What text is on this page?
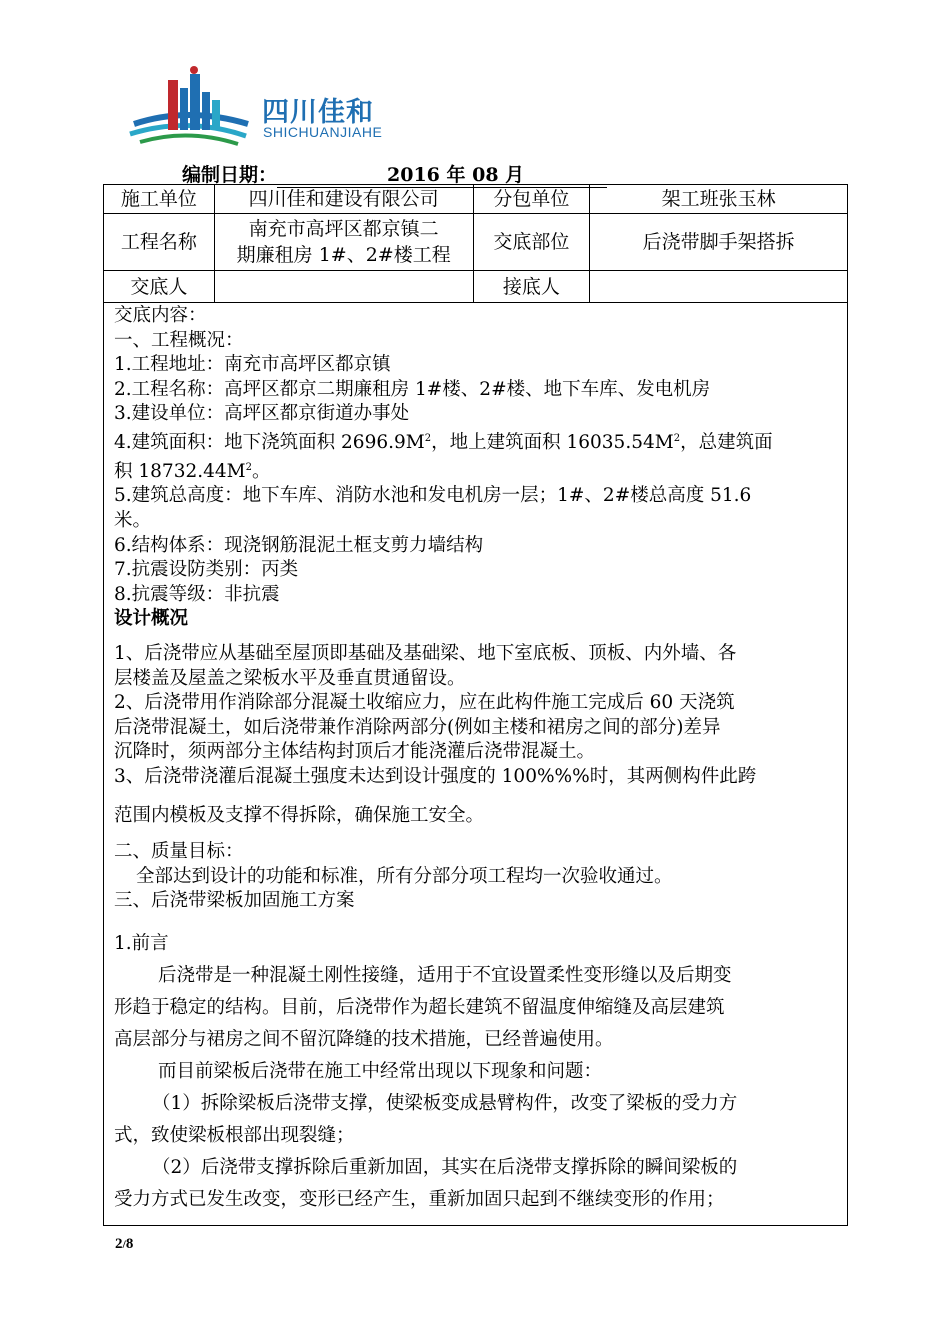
四川佳和
SHICHUANJIAHE
编制日期：	2016 年 08 月
施工单位	四川佳和建设有限公司	分包单位	架工班张玉林
工程名称	南充市高坪区都京镇二
期廉租房 1#、2#楼工程	交底部位	后浇带脚手架搭拆
交底人		接底人	

交底内容：

一、工程概况：

1.工程地址：南充市高坪区都京镇

2.工程名称：高坪区都京二期廉租房 1#楼、2#楼、地下车库、发电机房

3.建设单位：高坪区都京街道办事处

4.建筑面积：地下浇筑面积 $2696.9M^2$，地上建筑面积 $16035.54M^2$，总建筑面

积 $18732.44M^2$。

5.建筑总高度：地下车库、消防水池和发电机房一层；1#、2#楼总高度 51.6

米。

6.结构体系：现浇钢筋混泥土框支剪力墙结构

7.抗震设防类别：丙类

8.抗震等级：非抗震

设计概况

1、后浇带应从基础至屋顶即基础及基础梁、地下室底板、顶板、内外墙、各

层楼盖及屋盖之梁板水平及垂直贯通留设。

2、后浇带用作消除部分混凝土收缩应力，应在此构件施工完成后 60 天浇筑

后浇带混凝土，如后浇带兼作消除两部分(例如主楼和裙房之间的部分)差异

沉降时，须两部分主体结构封顶后才能浇灌后浇带混凝土。

3、后浇带浇灌后混凝土强度未达到设计强度的 100%%%时，其两侧构件此跨

范围内模板及支撑不得拆除，确保施工安全。

二、质量目标：

全部达到设计的功能和标准，所有分部分项工程均一次验收通过。

三、后浇带梁板加固施工方案

1.前言

后浇带是一种混凝土刚性接缝，适用于不宜设置柔性变形缝以及后期变

形趋于稳定的结构。目前，后浇带作为超长建筑不留温度伸缩缝及高层建筑

高层部分与裙房之间不留沉降缝的技术措施，已经普遍使用。

而目前梁板后浇带在施工中经常出现以下现象和问题：

（1）拆除梁板后浇带支撑，使梁板变成悬臂构件，改变了梁板的受力方

式，致使梁板根部出现裂缝；

（2）后浇带支撑拆除后重新加固，其实在后浇带支撑拆除的瞬间梁板的

受力方式已发生改变，变形已经产生，重新加固只起到不继续变形的作用；

2/8
